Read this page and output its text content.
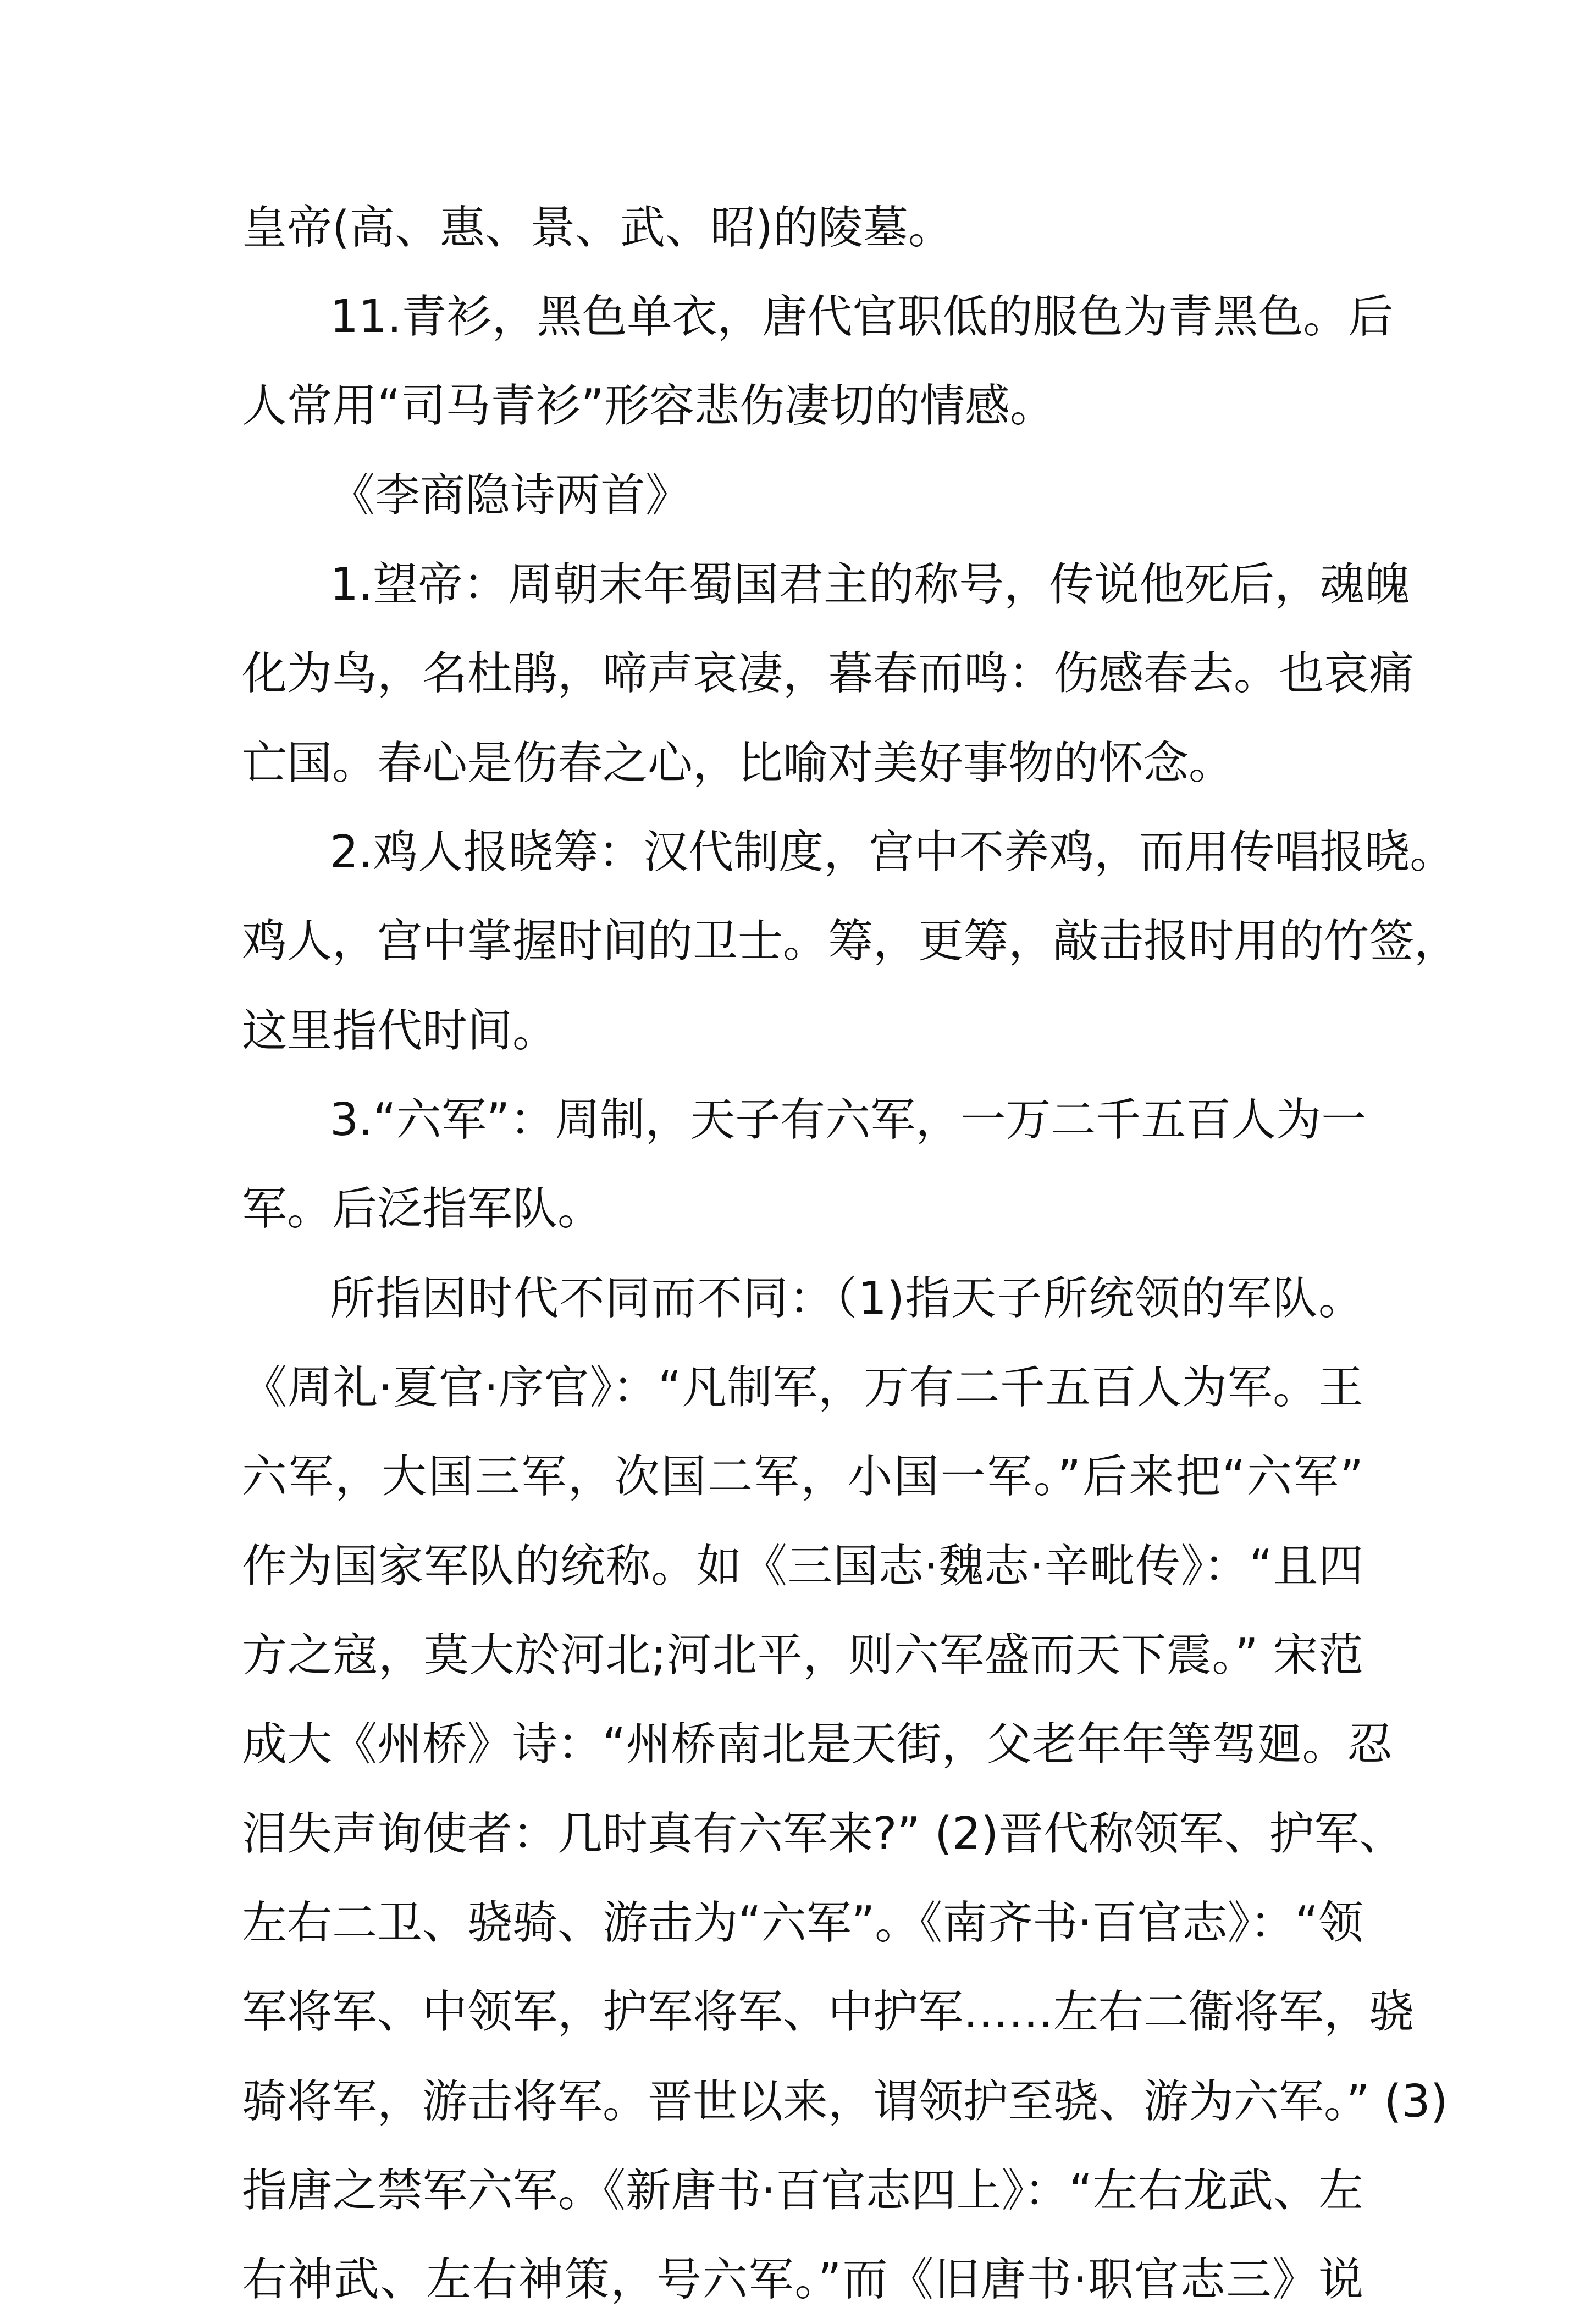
皇帝(高、惠、景、武、昭)的陵墓。

11.青衫，黑色单衣，唐代官职低的服色为青黑色。后

人常用“司马青衫”形容悲伤凄切的情感。

《李商隐诗两首》

1.望帝：周朝末年蜀国君主的称号，传说他死后，魂魄

化为鸟，名杜鹃，啼声哀凄，暮春而鸣：伤感春去。也哀痛

亡国。春心是伤春之心，比喻对美好事物的怀念。

2.鸡人报晓筹：汉代制度，宫中不养鸡，而用传唱报晓。

鸡人，宫中掌握时间的卫士。筹，更筹，敲击报时用的竹签，

这里指代时间。

3.“六军”：周制，天子有六军，一万二千五百人为一

军。后泛指军队。

所指因时代不同而不同：（1)指天子所统领的军队。

《周礼·夏官·序官》：“凡制军，万有二千五百人为军。王

六军，大国三军，次国二军，小国一军。”后来把“六军”

作为国家军队的统称。如《三国志·魏志·辛毗传》：“且四

方之寇，莫大於河北;河北平，则六军盛而天下震。” 宋范

成大《州桥》诗：“州桥南北是天街，父老年年等驾廻。忍

泪失声询使者：几时真有六军来?” (2)晋代称领军、护军、

左右二卫、骁骑、游击为“六军”。《南齐书·百官志》：“领

军将军、中领军，护军将军、中护军……左右二衞将军，骁

骑将军，游击将军。晋世以来，谓领护至骁、游为六军。” (3)

指唐之禁军六军。《新唐书·百官志四上》：“左右龙武、左

右神武、左右神策，号六军。”而《旧唐书·职官志三》说
